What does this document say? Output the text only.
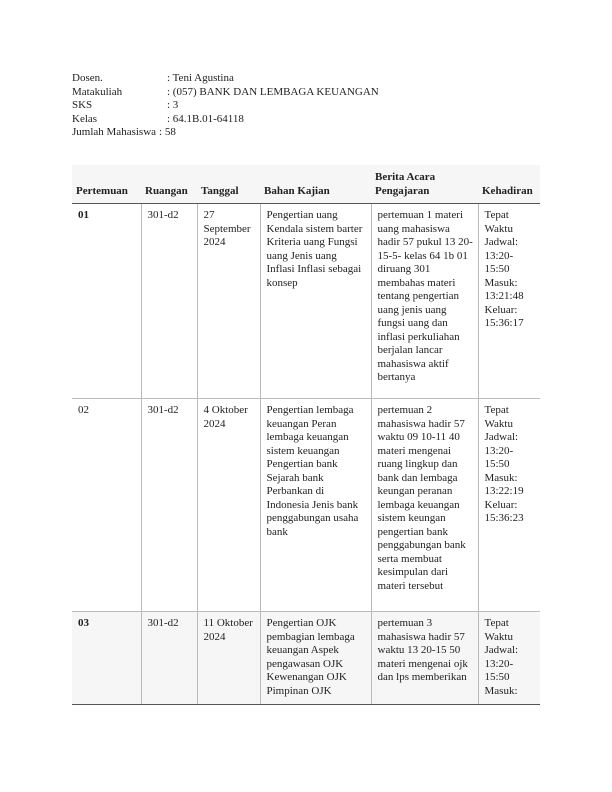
Dosen.	: Teni Agustina
Matakuliah	: (057) BANK DAN LEMBAGA KEUANGAN
SKS	: 3
Kelas	: 64.1B.01-64118
Jumlah Mahasiswa : 58
Pertemuan	Ruangan	Tanggal	Bahan Kajian	Berita Acara Pengajaran	Kehadiran
01	301-d2	27 September 2024	Pengertian uang Kendala sistem barter Kriteria uang Fungsi uang Jenis uang Inflasi Inflasi sebagai konsep	pertemuan 1 materi uang mahasiswa hadir 57 pukul 13 20-15-5- kelas 64 1b 01 diruang 301 membahas materi tentang pengertian uang jenis uang fungsi uang dan inflasi perkuliahan berjalan lancar mahasiswa aktif bertanya	Tepat Waktu Jadwal: 13:20-15:50 Masuk: 13:21:48 Keluar: 15:36:17
02	301-d2	4 Oktober 2024	Pengertian lembaga keuangan Peran lembaga keuangan sistem keuangan Pengertian bank Sejarah bank Perbankan di Indonesia Jenis bank penggabungan usaha bank	pertemuan 2 mahasiswa hadir 57 waktu 09 10-11 40 materi mengenai ruang lingkup dan bank dan lembaga keungan peranan lembaga keuangan sistem keungan pengertian bank penggabungan bank serta membuat kesimpulan dari materi tersebut	Tepat Waktu Jadwal: 13:20-15:50 Masuk: 13:22:19 Keluar: 15:36:23
03	301-d2	11 Oktober 2024	Pengertian OJK pembagian lembaga keuangan Aspek pengawasan OJK Kewenangan OJK Pimpinan OJK	pertemuan 3 mahasiswa hadir 57 waktu 13 20-15 50 materi mengenai ojk dan lps memberikan	Tepat Waktu Jadwal: 13:20-15:50 Masuk:
